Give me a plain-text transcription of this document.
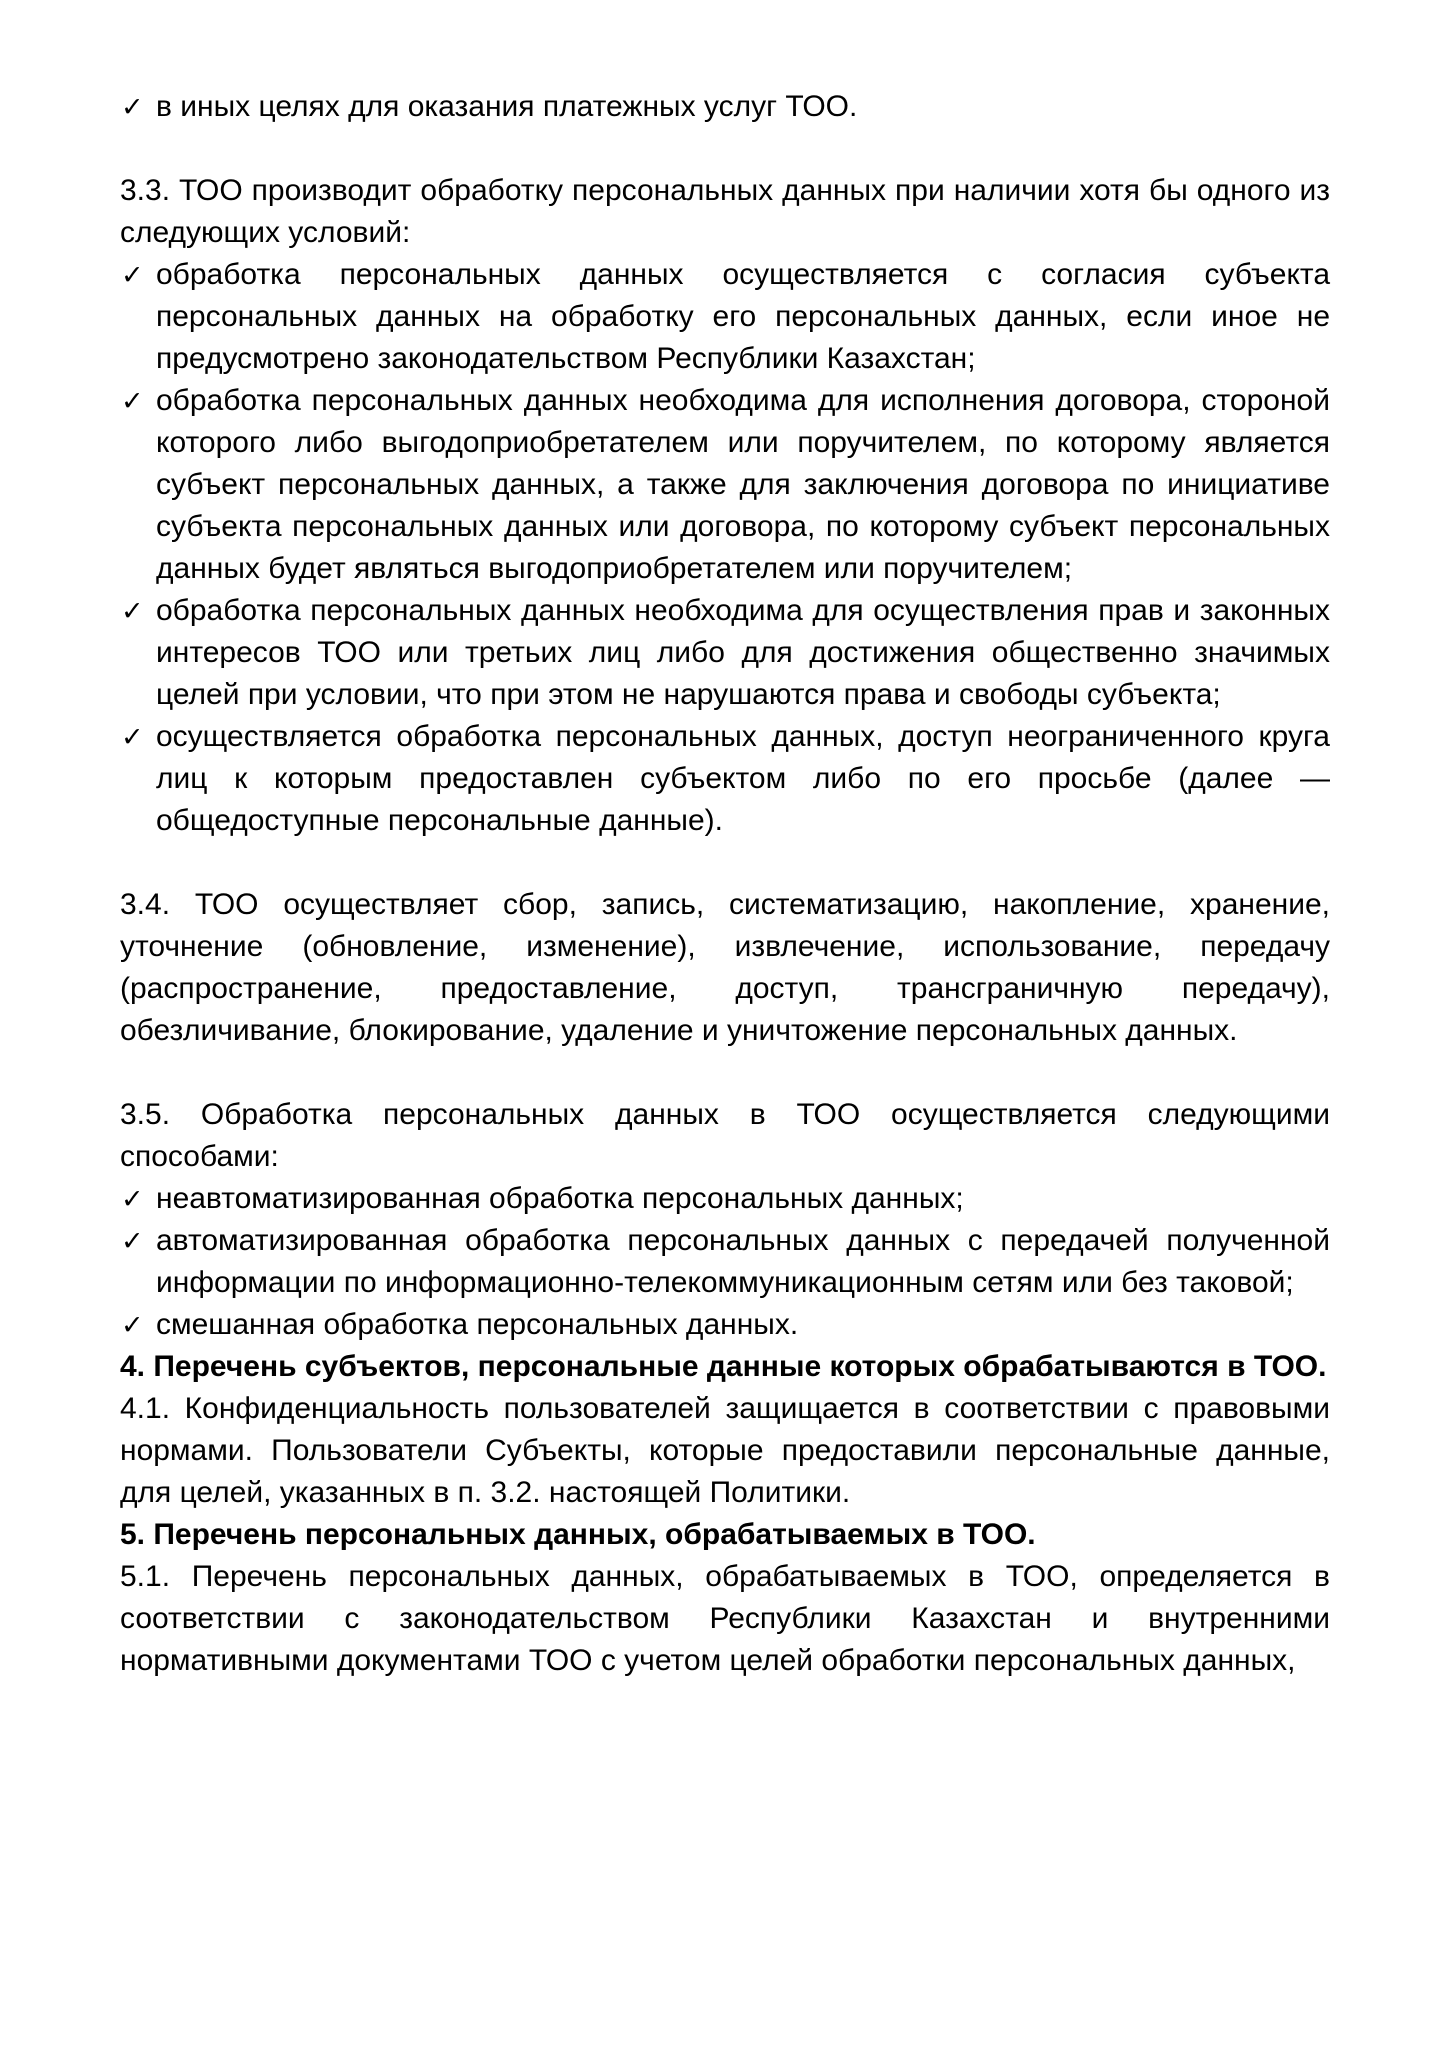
✓ в иных целях для оказания платежных услуг ТОО.

3.3. ТОО производит обработку персональных данных при наличии хотя бы одного из следующих условий:

✓ обработка персональных данных осуществляется с согласия субъекта персональных данных на обработку его персональных данных, если иное не предусмотрено законодательством Республики Казахстан;
✓ обработка персональных данных необходима для исполнения договора, стороной которого либо выгодоприобретателем или поручителем, по которому является субъект персональных данных, а также для заключения договора по инициативе субъекта персональных данных или договора, по которому субъект персональных данных будет являться выгодоприобретателем или поручителем;
✓ обработка персональных данных необходима для осуществления прав и законных интересов ТОО или третьих лиц либо для достижения общественно значимых целей при условии, что при этом не нарушаются права и свободы субъекта;
✓ осуществляется обработка персональных данных, доступ неограниченного круга лиц к которым предоставлен субъектом либо по его просьбе (далее — общедоступные персональные данные).

3.4. ТОО осуществляет сбор, запись, систематизацию, накопление, хранение, уточнение (обновление, изменение), извлечение, использование, передачу (распространение, предоставление, доступ, трансграничную передачу), обезличивание, блокирование, удаление и уничтожение персональных данных.

3.5. Обработка персональных данных в ТОО осуществляется следующими способами:

✓ неавтоматизированная обработка персональных данных;
✓ автоматизированная обработка персональных данных с передачей полученной информации по информационно-телекоммуникационным сетям или без таковой;
✓ смешанная обработка персональных данных.
4. Перечень субъектов, персональные данные которых обрабатываются в ТОО.

4.1. Конфиденциальность пользователей защищается в соответствии с правовыми нормами. Пользователи Субъекты, которые предоставили персональные данные, для целей, указанных в п. 3.2. настоящей Политики.

5. Перечень персональных данных, обрабатываемых в ТОО.

5.1. Перечень персональных данных, обрабатываемых в ТОО, определяется в соответствии с законодательством Республики Казахстан и внутренними нормативными документами ТОО с учетом целей обработки персональных данных,
